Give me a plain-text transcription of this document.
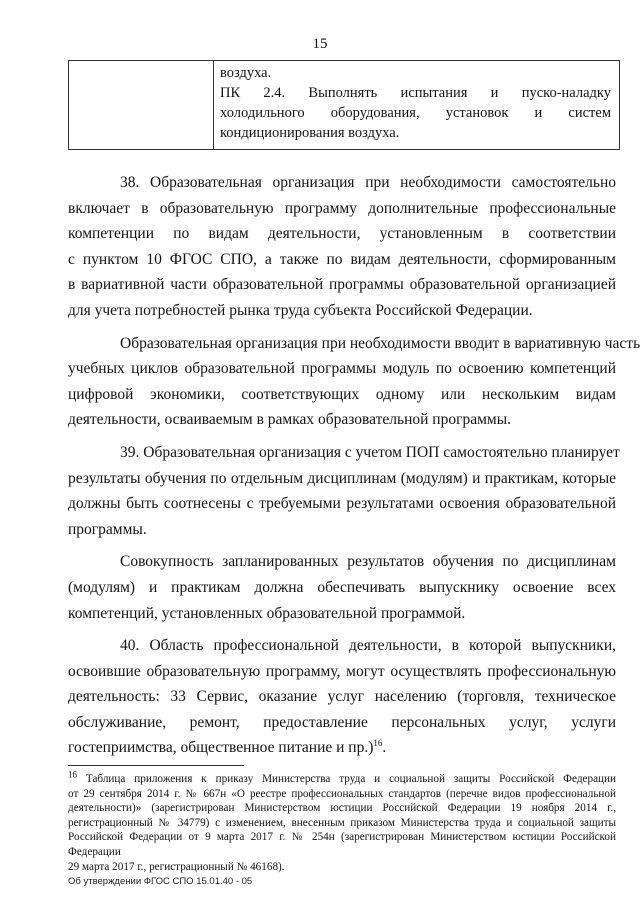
15

воздуха.
ПК 2.4. Выполнять испытания и пуско-наладку
холодильного оборудования, установок и систем
кондиционирования воздуха.
38. Образовательная организация при необходимости самостоятельно
включает в образовательную программу дополнительные профессиональные
компетенции по видам деятельности, установленным в соответствии
с пунктом 10 ФГОС СПО, а также по видам деятельности, сформированным
в вариативной части образовательной программы образовательной организацией
для учета потребностей рынка труда субъекта Российской Федерации.
Образовательная организация при необходимости вводит в вариативную часть
учебных циклов образовательной программы модуль по освоению компетенций
цифровой экономики, соответствующих одному или нескольким видам
деятельности, осваиваемым в рамках образовательной программы.
39. Образовательная организация с учетом ПОП самостоятельно планирует
результаты обучения по отдельным дисциплинам (модулям) и практикам, которые
должны быть соотнесены с требуемыми результатами освоения образовательной
программы.
Совокупность запланированных результатов обучения по дисциплинам
(модулям) и практикам должна обеспечивать выпускнику освоение всех
компетенций, установленных образовательной программой.
40. Область профессиональной деятельности, в которой выпускники,
освоившие образовательную программу, могут осуществлять профессиональную
деятельность: 33 Сервис, оказание услуг населению (торговля, техническое
обслуживание, ремонт, предоставление персональных услуг, услуги
гостеприимства, общественное питание и пр.)$^{16}$.
$^{16}$ Таблица приложения к приказу Министерства труда и социальной защиты Российской Федерации
от 29 сентября 2014 г. № 667н «О реестре профессиональных стандартов (перечне видов профессиональной
деятельности)» (зарегистрирован Министерством юстиции Российской Федерации 19 ноября 2014 г.,
регистрационный № 34779) с изменением, внесенным приказом Министерства труда и социальной защиты
Российской Федерации от 9 марта 2017 г. № 254н (зарегистрирован Министерством юстиции Российской Федерации
29 марта 2017 г., регистрационный № 46168).
Об утверждении ФГОС СПО 15.01.40 - 05
